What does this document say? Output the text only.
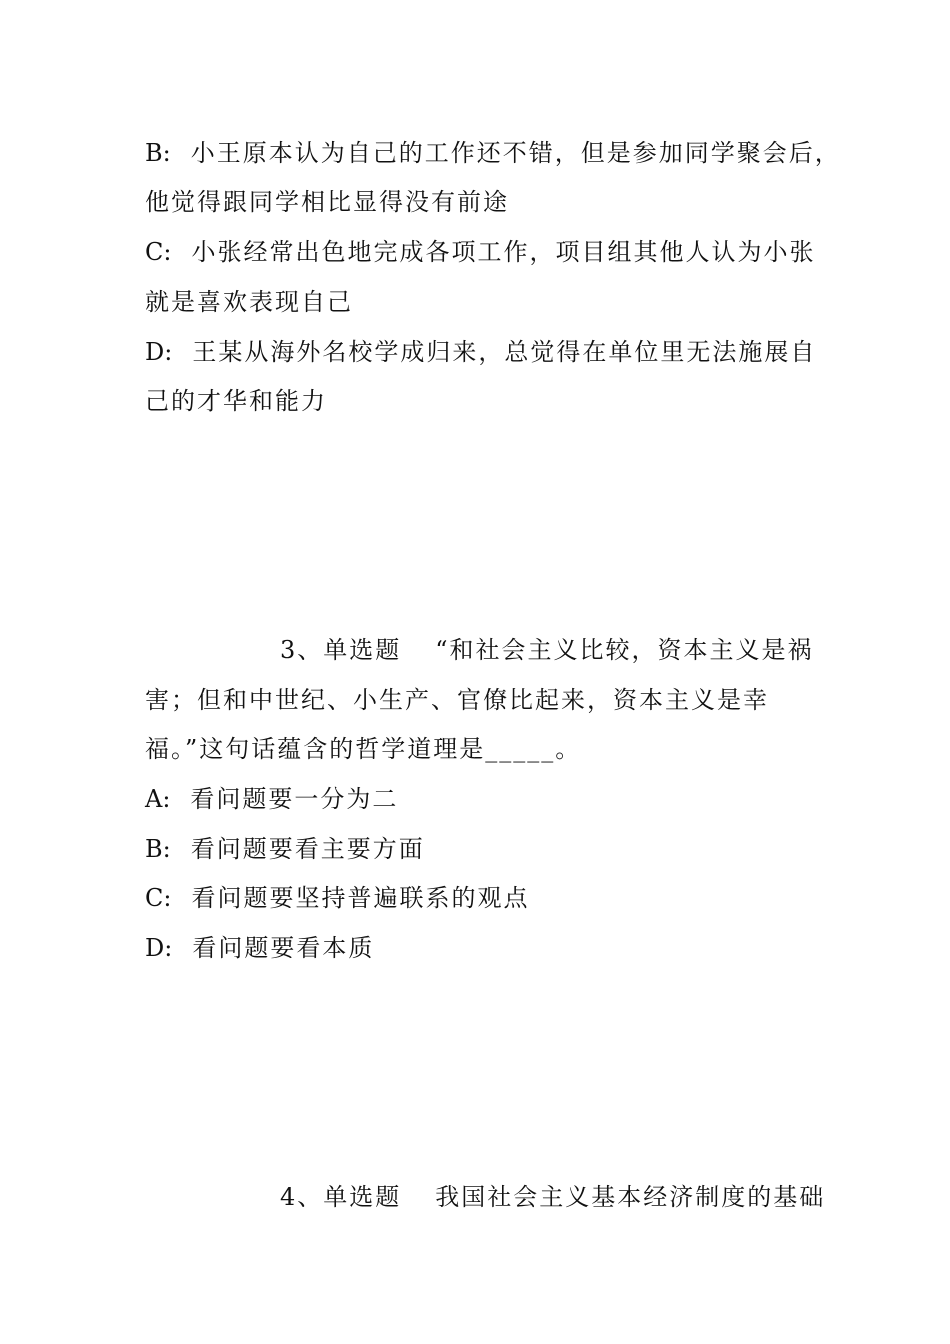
B: 小王原本认为自己的工作还不错，但是参加同学聚会后，
他觉得跟同学相比显得没有前途
C: 小张经常出色地完成各项工作，项目组其他人认为小张
就是喜欢表现自己
D: 王某从海外名校学成归来，总觉得在单位里无法施展自
己的才华和能力
3、单选题 “和社会主义比较，资本主义是祸
害；但和中世纪、小生产、官僚比起来，资本主义是幸
福。”这句话蕴含的哲学道理是_____。
A: 看问题要一分为二
B: 看问题要看主要方面
C: 看问题要坚持普遍联系的观点
D: 看问题要看本质
4、单选题 我国社会主义基本经济制度的基础
